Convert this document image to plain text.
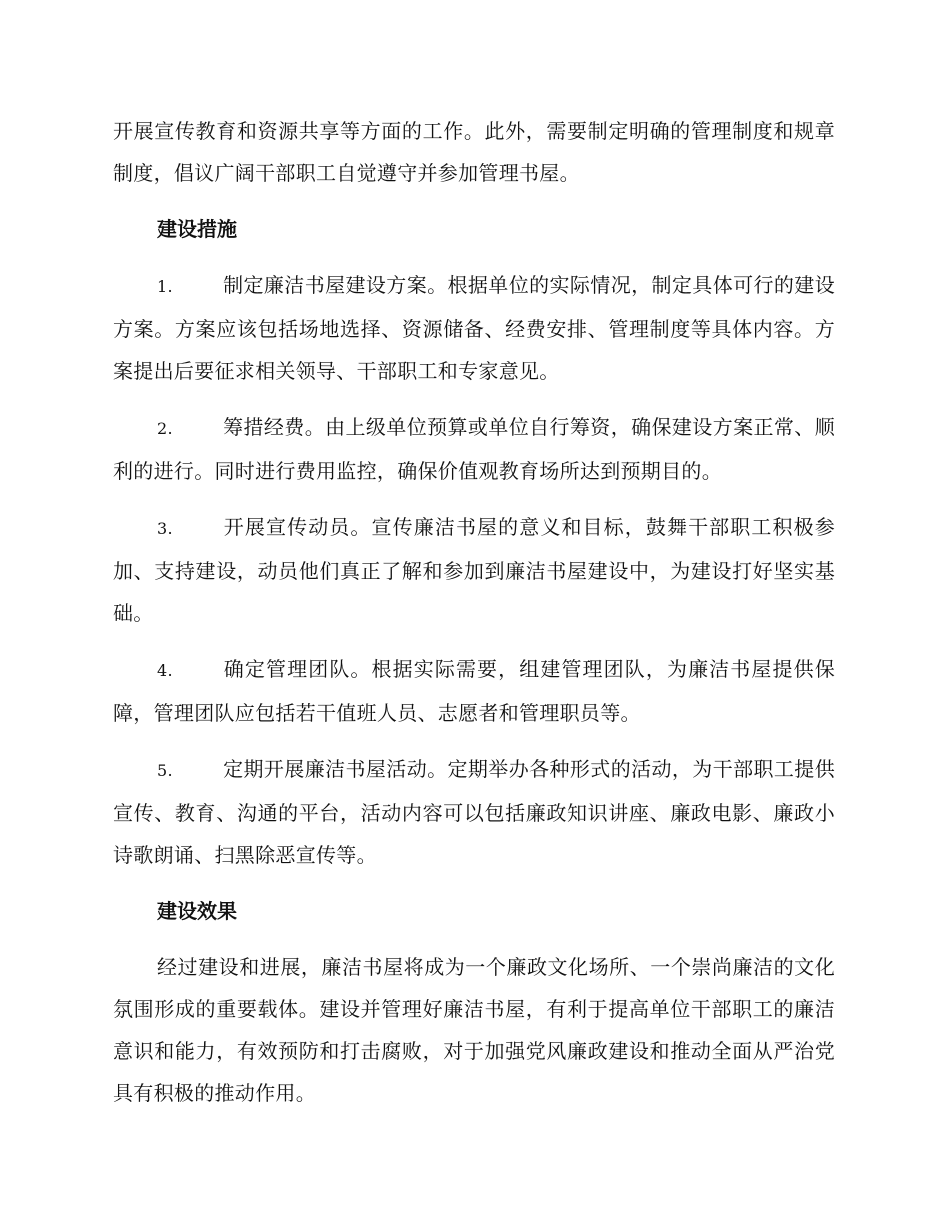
开展宣传教育和资源共享等方面的工作。此外，需要制定明确的管理制度和规章制度，倡议广阔干部职工自觉遵守并参加管理书屋。

建设措施
1.	制定廉洁书屋建设方案。根据单位的实际情况，制定具体可行的建设方案。方案应该包括场地选择、资源储备、经费安排、管理制度等具体内容。方案提出后要征求相关领导、干部职工和专家意见。
2.	筹措经费。由上级单位预算或单位自行筹资，确保建设方案正常、顺利的进行。同时进行费用监控，确保价值观教育场所达到预期目的。
3.	开展宣传动员。宣传廉洁书屋的意义和目标，鼓舞干部职工积极参加、支持建设，动员他们真正了解和参加到廉洁书屋建设中，为建设打好坚实基础。
4.	确定管理团队。根据实际需要，组建管理团队，为廉洁书屋提供保障，管理团队应包括若干值班人员、志愿者和管理职员等。
5.	定期开展廉洁书屋活动。定期举办各种形式的活动，为干部职工提供宣传、教育、沟通的平台，活动内容可以包括廉政知识讲座、廉政电影、廉政小诗歌朗诵、扫黑除恶宣传等。
建设效果

经过建设和进展，廉洁书屋将成为一个廉政文化场所、一个崇尚廉洁的文化氛围形成的重要载体。建设并管理好廉洁书屋，有利于提高单位干部职工的廉洁意识和能力，有效预防和打击腐败，对于加强党风廉政建设和推动全面从严治党具有积极的推动作用。
